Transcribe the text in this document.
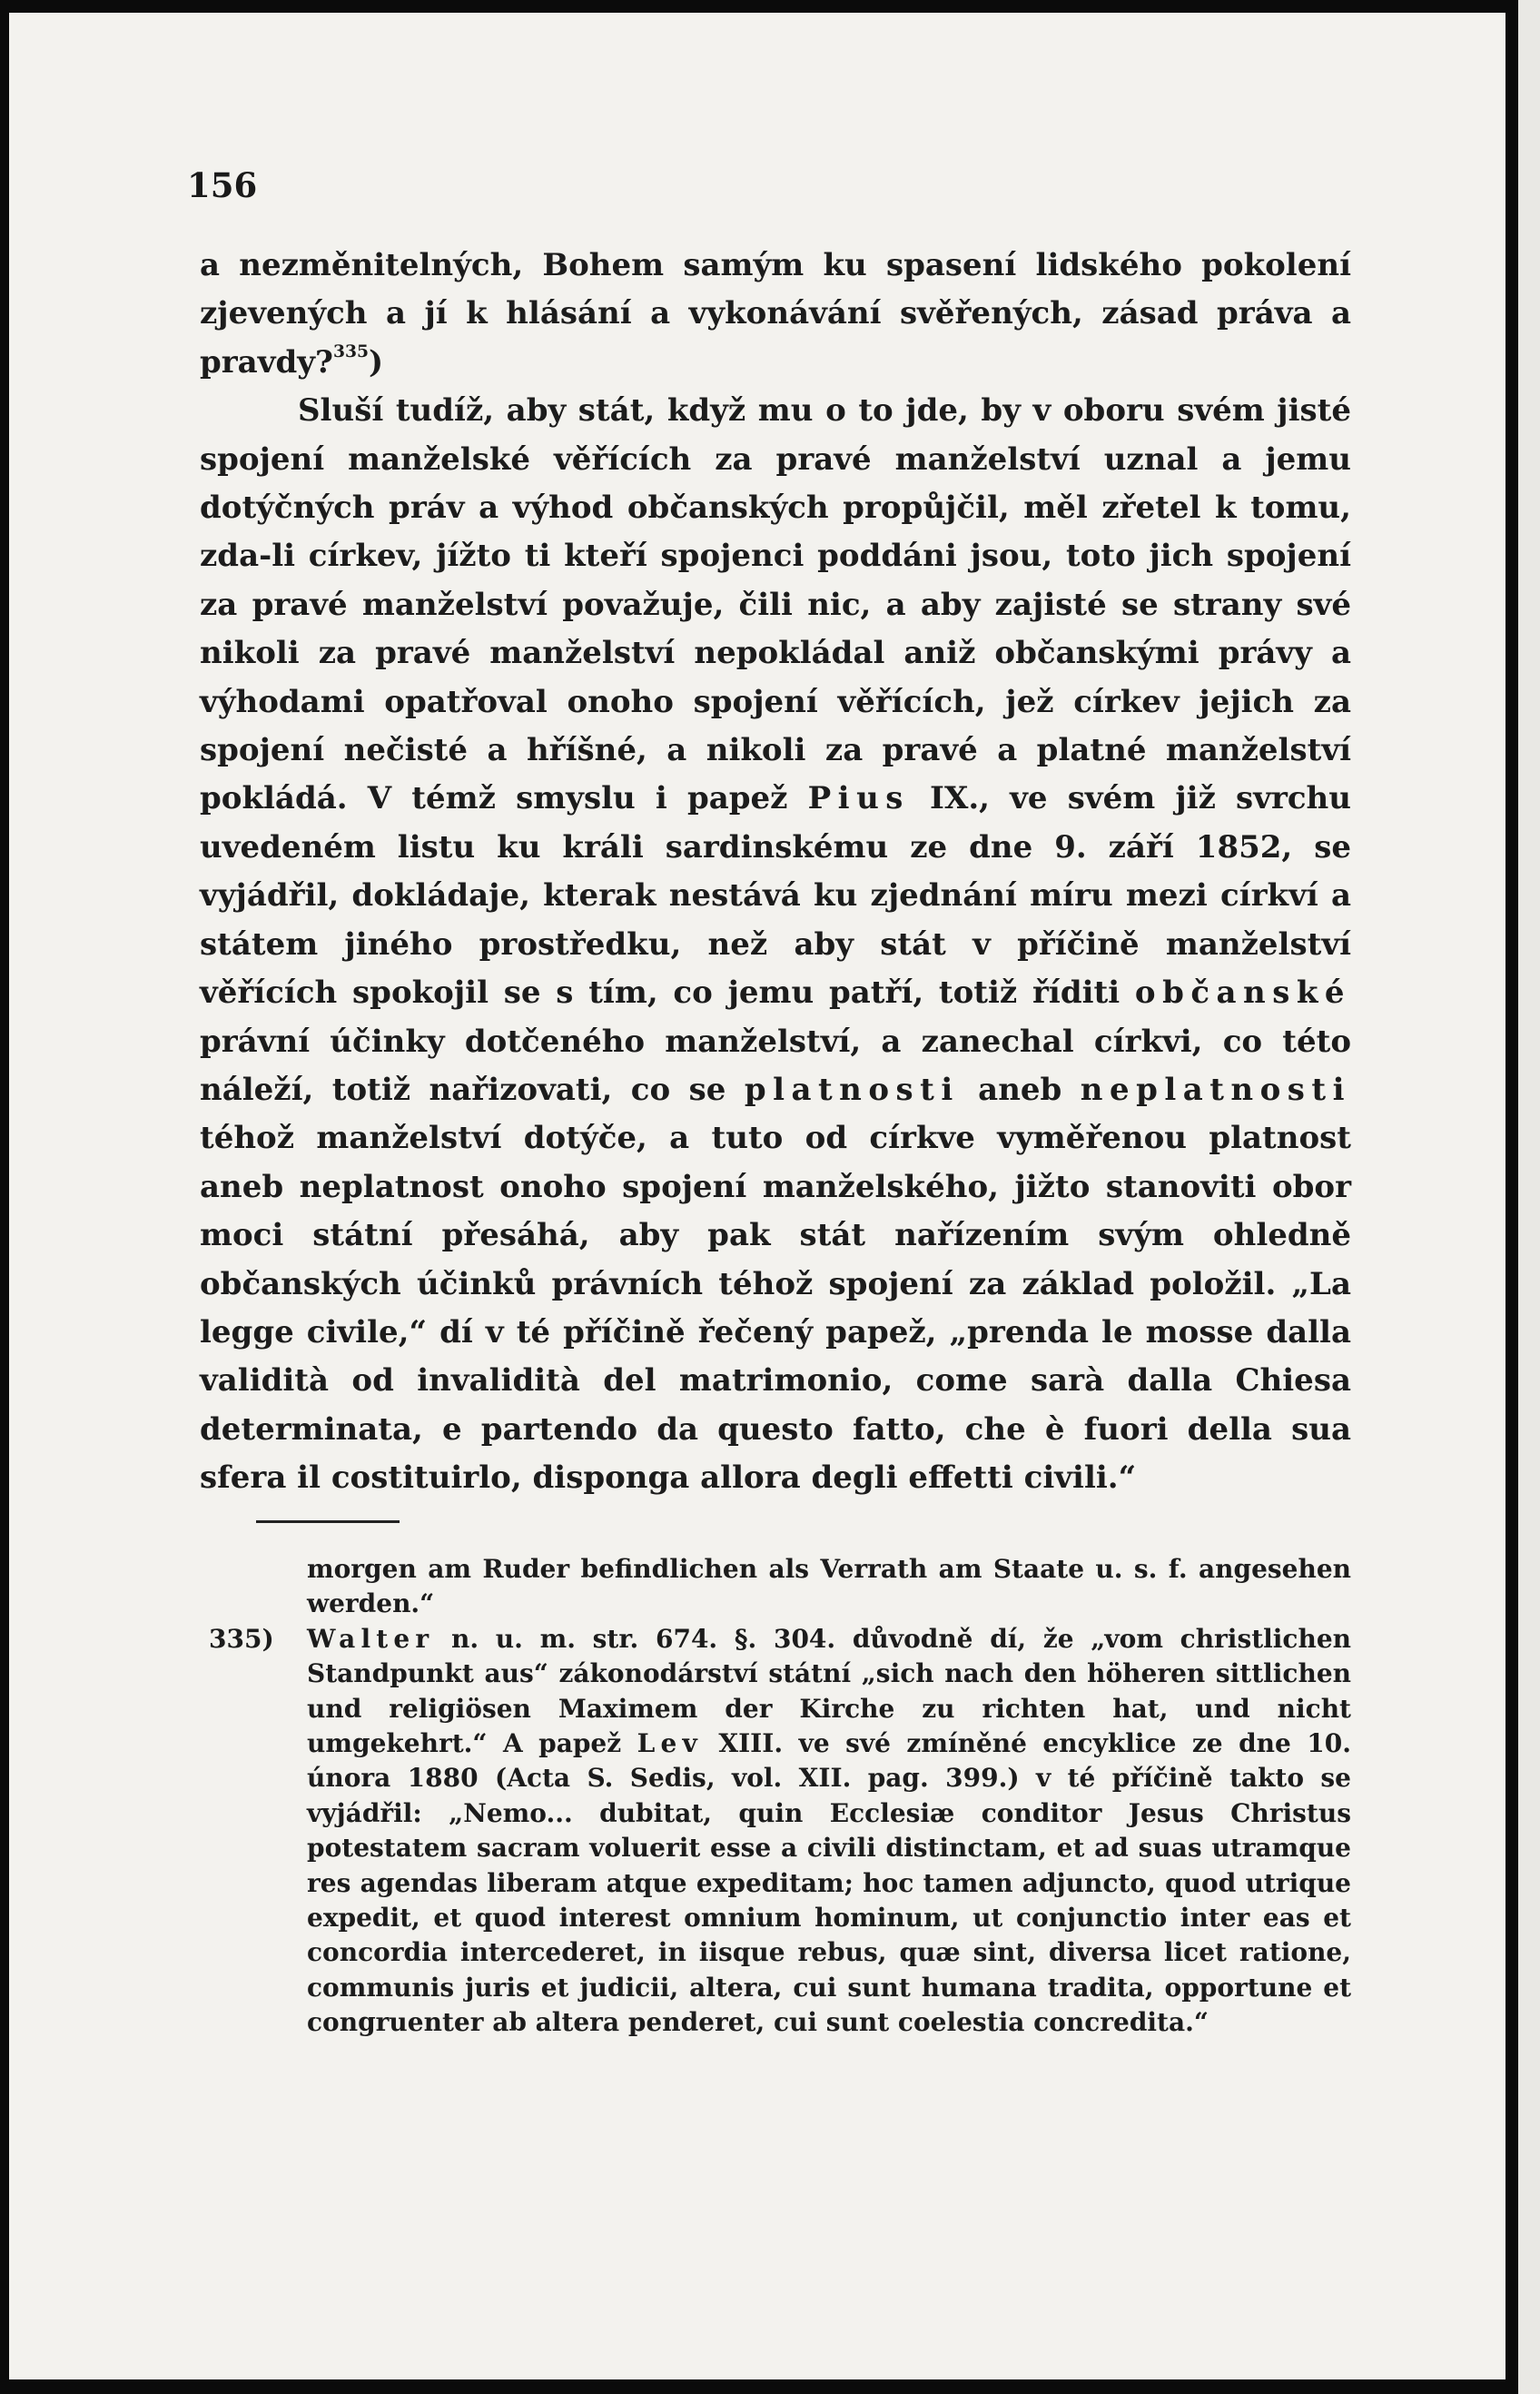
156

a nezměnitelných, Bohem samým ku spasení lidského pokolení zjevených a jí k hlásání a vykonávání svěřených, zásad práva a pravdy?$^{335}$)

Sluší tudíž, aby stát, když mu o to jde, by v oboru svém jisté spojení manželské věřících za pravé manželství uznal a jemu dotýčných práv a výhod občanských propůjčil, měl zřetel k tomu, zda-li církev, jížto ti kteří spojenci poddáni jsou, toto jich spojení za pravé manželství považuje, čili nic, a aby zajisté se strany své nikoli za pravé manželství nepokládal aniž občanskými právy a výhodami opatřoval onoho spojení věřících, jež církev jejich za spojení nečisté a hříšné, a nikoli za pravé a platné manželství pokládá. V témž smyslu i papež Pius IX., ve svém již svrchu uvedeném listu ku králi sardinskému ze dne 9. září 1852, se vyjádřil, dokládaje, kterak nestává ku zjednání míru mezi církví a státem jiného prostředku, než aby stát v příčině manželství věřících spokojil se s tím, co jemu patří, totiž říditi občanské právní účinky dotčeného manželství, a zanechal církvi, co této náleží, totiž nařizovati, co se platnosti aneb neplatnosti téhož manželství dotýče, a tuto od církve vyměřenou platnost aneb neplatnost onoho spojení manželského, jižto stanoviti obor moci státní přesáhá, aby pak stát nařízením svým ohledně občanských účinků právních téhož spojení za základ položil. „La legge civile,“ dí v té příčině řečený papež, „prenda le mosse dalla validità od invalidità del matrimonio, come sarà dalla Chiesa determinata, e partendo da questo fatto, che è fuori della sua sfera il costituirlo, disponga allora degli effetti civili.“

morgen am Ruder befindlichen als Verrath am Staate u. s. f. angesehen werden.“

335) Walter n. u. m. str. 674. §. 304. důvodně dí, že „vom christlichen Standpunkt aus“ zákonodárství státní „sich nach den höheren sittlichen und religiösen Maximem der Kirche zu richten hat, und nicht umgekehrt.“ A papež Lev XIII. ve své zmíněné encyklice ze dne 10. února 1880 (Acta S. Sedis, vol. XII. pag. 399.) v té příčině takto se vyjádřil: „Nemo... dubitat, quin Ecclesiæ conditor Jesus Christus potestatem sacram voluerit esse a civili distinctam, et ad suas utramque res agendas liberam atque expeditam; hoc tamen adjuncto, quod utrique expedit, et quod interest omnium hominum, ut conjunctio inter eas et concordia intercederet, in iisque rebus, quæ sint, diversa licet ratione, communis juris et judicii, altera, cui sunt humana tradita, opportune et congruenter ab altera penderet, cui sunt coelestia concredita.“
